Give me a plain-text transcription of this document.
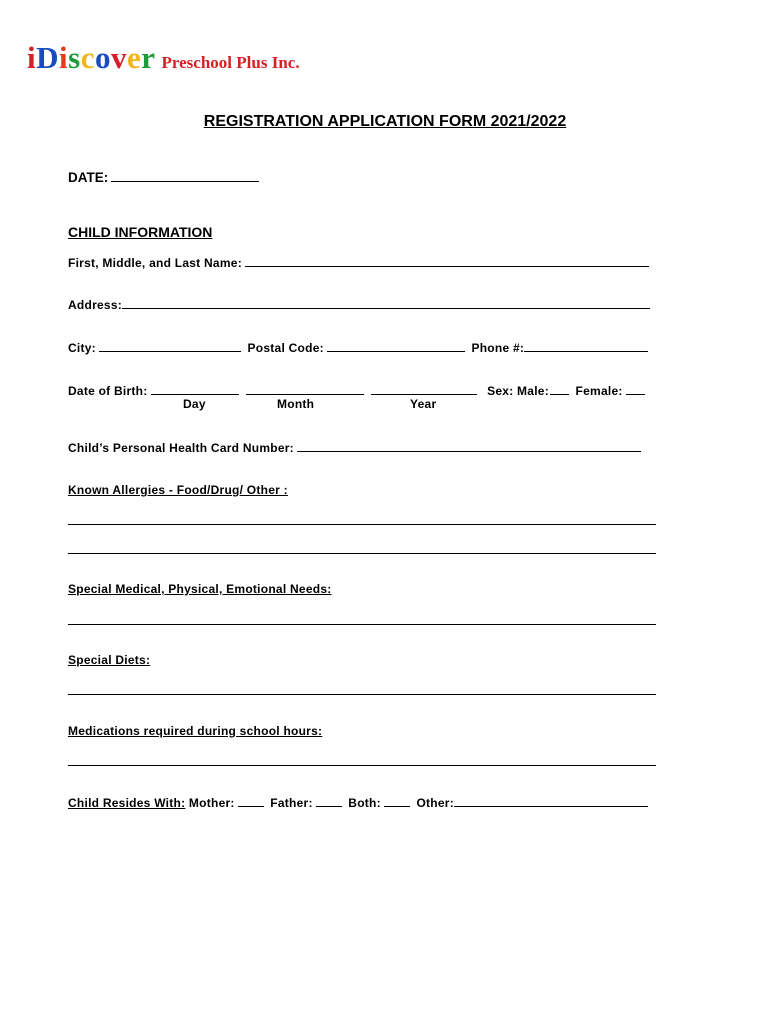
iDiscover Preschool Plus Inc.
REGISTRATION APPLICATION FORM 2021/2022
DATE:
CHILD INFORMATION
First, Middle, and Last Name:
Address:
City:	Postal Code:	Phone #:
Date of Birth:	Sex: Male: Female:
Day	Month	Year
Child’s Personal Health Card Number:
Known Allergies - Food/Drug/ Other :
Special Medical, Physical, Emotional Needs:
Special Diets:
Medications required during school hours:
Child Resides With: Mother:	Father:	Both:	Other:
